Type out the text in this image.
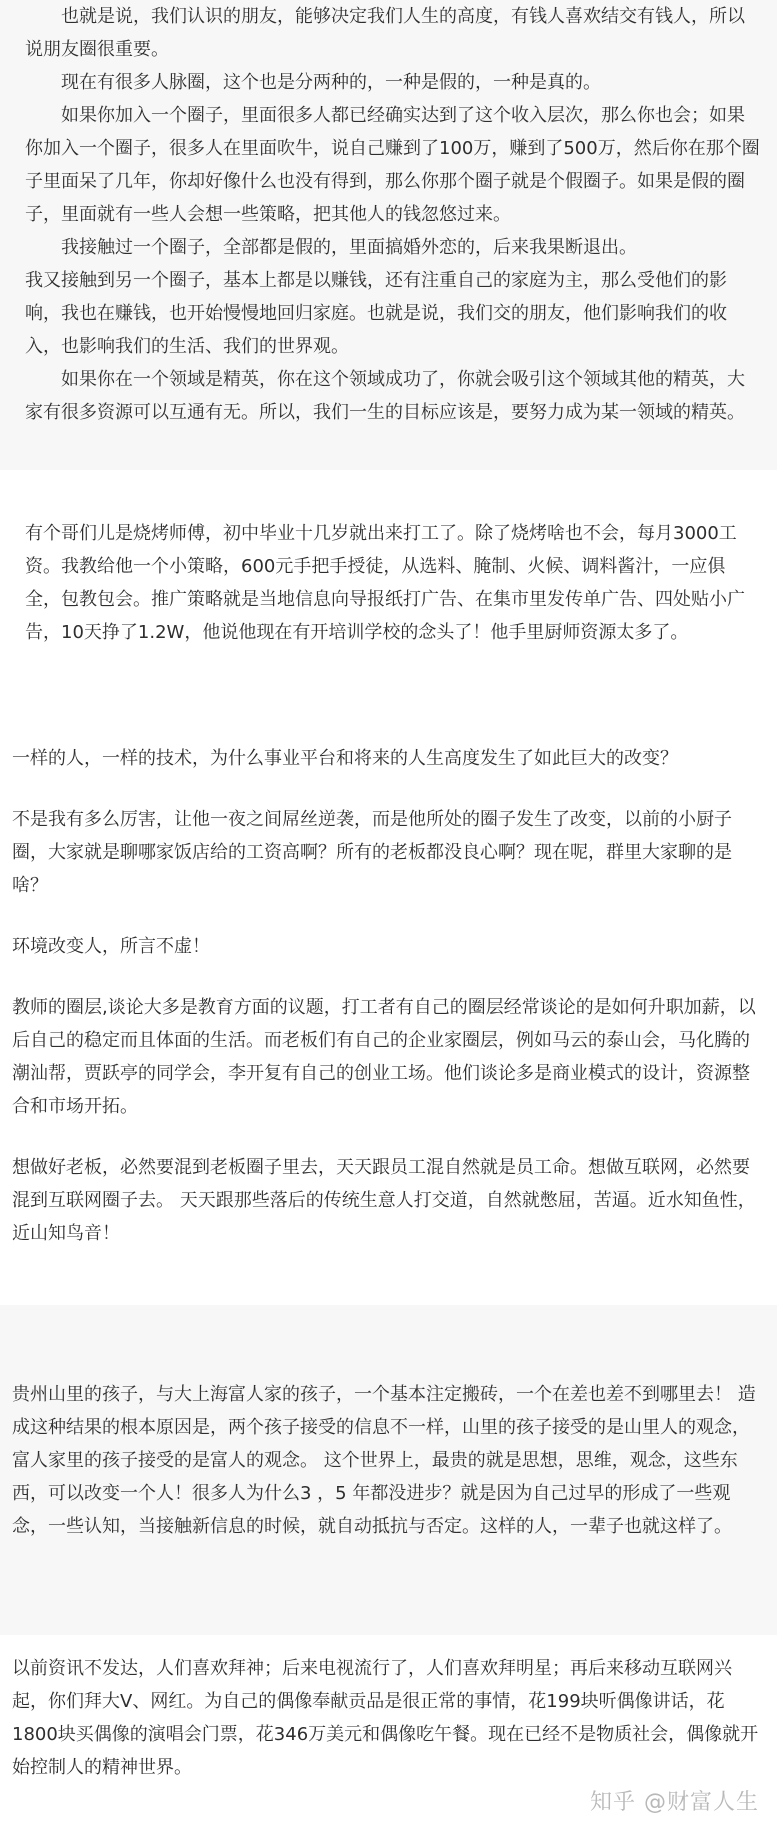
也就是说，我们认识的朋友，能够决定我们人生的高度，有钱人喜欢结交有钱人，所以说朋友圈很重要。

现在有很多人脉圈，这个也是分两种的，一种是假的，一种是真的。

如果你加入一个圈子，里面很多人都已经确实达到了这个收入层次，那么你也会；如果你加入一个圈子，很多人在里面吹牛，说自己赚到了100万，赚到了500万，然后你在那个圈子里面呆了几年，你却好像什么也没有得到，那么你那个圈子就是个假圈子。如果是假的圈子，里面就有一些人会想一些策略，把其他人的钱忽悠过来。

我接触过一个圈子，全部都是假的，里面搞婚外恋的，后来我果断退出。

我又接触到另一个圈子，基本上都是以赚钱，还有注重自己的家庭为主，那么受他们的影响，我也在赚钱，也开始慢慢地回归家庭。也就是说，我们交的朋友，他们影响我们的收入，也影响我们的生活、我们的世界观。

如果你在一个领域是精英，你在这个领域成功了，你就会吸引这个领域其他的精英，大家有很多资源可以互通有无。所以，我们一生的目标应该是，要努力成为某一领域的精英。

有个哥们儿是烧烤师傅，初中毕业十几岁就出来打工了。除了烧烤啥也不会，每月3000工资。我教给他一个小策略，600元手把手授徒，从选料、腌制、火候、调料酱汁，一应俱全，包教包会。推广策略就是当地信息向导报纸打广告、在集市里发传单广告、四处贴小广告，10天挣了1.2W，他说他现在有开培训学校的念头了！他手里厨师资源太多了。

一样的人，一样的技术，为什么事业平台和将来的人生高度发生了如此巨大的改变？

不是我有多么厉害，让他一夜之间屌丝逆袭，而是他所处的圈子发生了改变，以前的小厨子圈，大家就是聊哪家饭店给的工资高啊？所有的老板都没良心啊？现在呢，群里大家聊的是啥？

环境改变人，所言不虚！

教师的圈层,谈论大多是教育方面的议题，打工者有自己的圈层经常谈论的是如何升职加薪，以后自己的稳定而且体面的生活。而老板们有自己的企业家圈层，例如马云的泰山会，马化腾的潮汕帮，贾跃亭的同学会，李开复有自己的创业工场。他们谈论多是商业模式的设计，资源整合和市场开拓。

想做好老板，必然要混到老板圈子里去，天天跟员工混自然就是员工命。想做互联网，必然要混到互联网圈子去。 天天跟那些落后的传统生意人打交道，自然就憋屈，苦逼。近水知鱼性，近山知鸟音！

贵州山里的孩子，与大上海富人家的孩子，一个基本注定搬砖，一个在差也差不到哪里去！ 造成这种结果的根本原因是，两个孩子接受的信息不一样，山里的孩子接受的是山里人的观念，富人家里的孩子接受的是富人的观念。 这个世界上，最贵的就是思想，思维，观念，这些东西，可以改变一个人！很多人为什么3 ，5 年都没进步？就是因为自己过早的形成了一些观念，一些认知，当接触新信息的时候，就自动抵抗与否定。这样的人，一辈子也就这样了。

以前资讯不发达，人们喜欢拜神；后来电视流行了，人们喜欢拜明星；再后来移动互联网兴起，你们拜大V、网红。为自己的偶像奉献贡品是很正常的事情，花199块听偶像讲话，花1800块买偶像的演唱会门票，花346万美元和偶像吃午餐。现在已经不是物质社会，偶像就开始控制人的精神世界。

知乎 @财富人生
